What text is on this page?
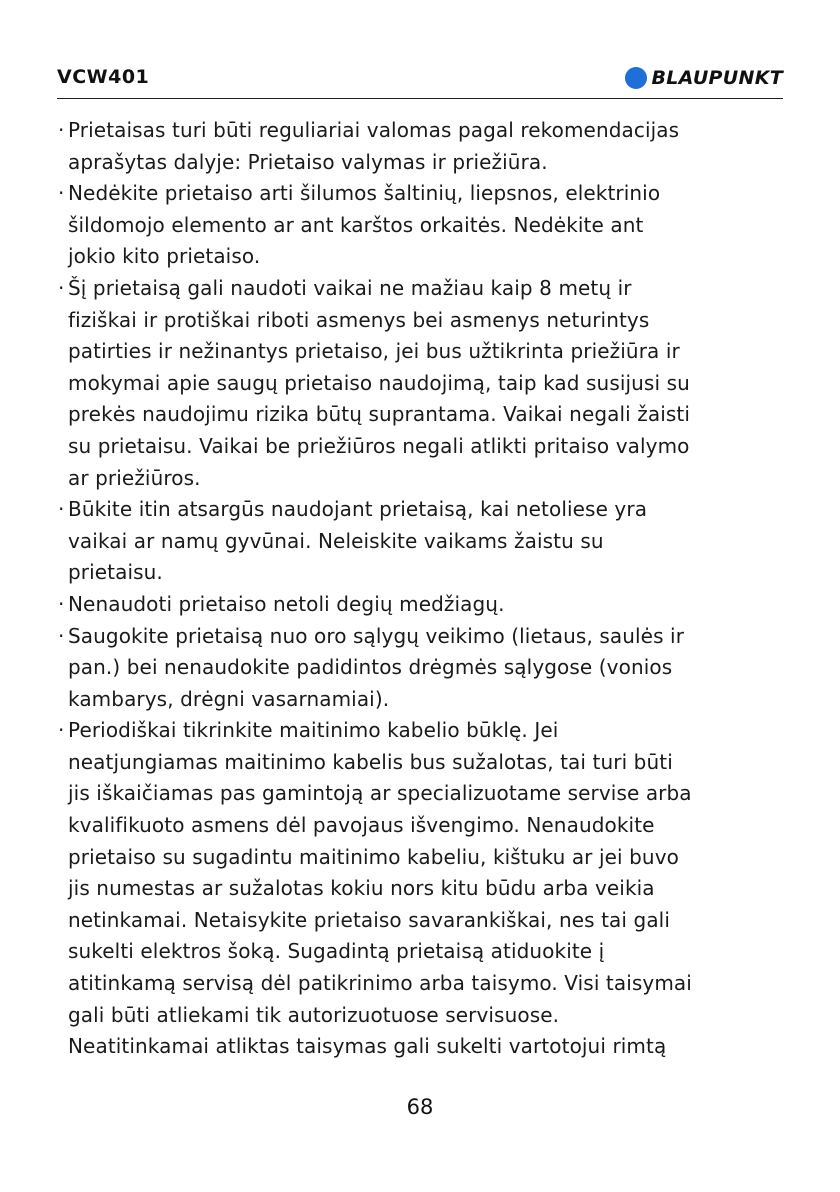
VCW401	BLAUPUNKT
· Prietaisas turi būti reguliariai valomas pagal rekomendacijas
aprašytas dalyje: Prietaiso valymas ir priežiūra.
· Nedėkite prietaiso arti šilumos šaltinių, liepsnos, elektrinio
šildomojo elemento ar ant karštos orkaitės. Nedėkite ant
jokio kito prietaiso.
· Šį prietaisą gali naudoti vaikai ne mažiau kaip 8 metų ir
fiziškai ir protiškai riboti asmenys bei asmenys neturintys
patirties ir nežinantys prietaiso, jei bus užtikrinta priežiūra ir
mokymai apie saugų prietaiso naudojimą, taip kad susijusi su
prekės naudojimu rizika būtų suprantama. Vaikai negali žaisti
su prietaisu. Vaikai be priežiūros negali atlikti pritaiso valymo
ar priežiūros.
· Būkite itin atsargūs naudojant prietaisą, kai netoliese yra
vaikai ar namų gyvūnai. Neleiskite vaikams žaistu su
prietaisu.
· Nenaudoti prietaiso netoli degių medžiagų.
· Saugokite prietaisą nuo oro sąlygų veikimo (lietaus, saulės ir
pan.) bei nenaudokite padidintos drėgmės sąlygose (vonios
kambarys, drėgni vasarnamiai).
· Periodiškai tikrinkite maitinimo kabelio būklę. Jei
neatjungiamas maitinimo kabelis bus sužalotas, tai turi būti
jis iškaičiamas pas gamintoją ar specializuotame servise arba
kvalifikuoto asmens dėl pavojaus išvengimo. Nenaudokite
prietaiso su sugadintu maitinimo kabeliu, kištuku ar jei buvo
jis numestas ar sužalotas kokiu nors kitu būdu arba veikia
netinkamai. Netaisykite prietaiso savarankiškai, nes tai gali
sukelti elektros šoką. Sugadintą prietaisą atiduokite į
atitinkamą servisą dėl patikrinimo arba taisymo. Visi taisymai
gali būti atliekami tik autorizuotuose servisuose.
Neatitinkamai atliktas taisymas gali sukelti vartotojui rimtą
68
